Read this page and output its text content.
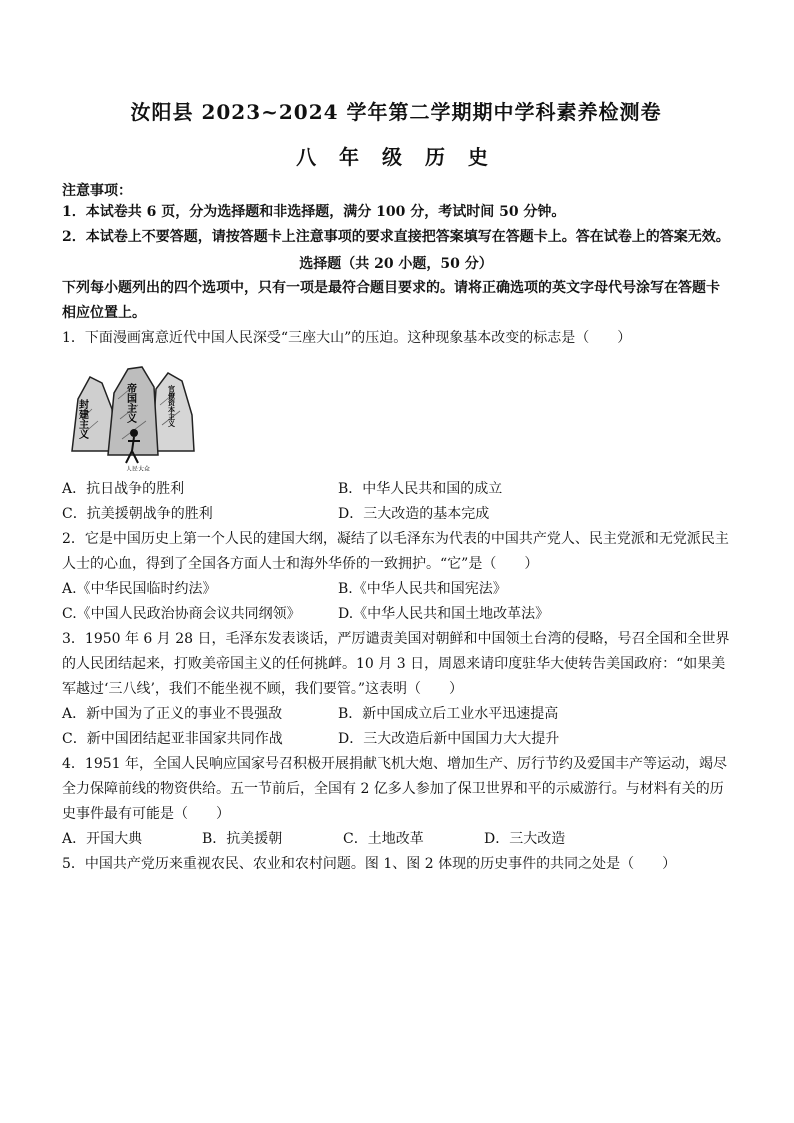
汝阳县 2023~2024 学年第二学期期中学科素养检测卷
八 年 级 历 史
注意事项：
1．本试卷共 6 页，分为选择题和非选择题，满分 100 分，考试时间 50 分钟。
2．本试卷上不要答题，请按答题卡上注意事项的要求直接把答案填写在答题卡上。答在试卷上的答案无效。
选择题（共 20 小题，50 分）
下列每小题列出的四个选项中，只有一项是最符合题目要求的。请将正确选项的英文字母代号涂写在答题卡相应位置上。
1．下面漫画寓意近代中国人民深受“三座大山”的压迫。这种现象基本改变的标志是（　　）
封建主义	帝国主义	官僚资本主义
人民大众
A．抗日战争的胜利	B．中华人民共和国的成立
C．抗美援朝战争的胜利	D．三大改造的基本完成
2．它是中国历史上第一个人民的建国大纲，凝结了以毛泽东为代表的中国共产党人、民主党派和无党派民主人士的心血，得到了全国各方面人士和海外华侨的一致拥护。“它”是（　　）
A.《中华民国临时约法》	B.《中华人民共和国宪法》
C.《中国人民政治协商会议共同纲领》	D.《中华人民共和国土地改革法》
3．1950 年 6 月 28 日，毛泽东发表谈话，严厉谴责美国对朝鲜和中国领土台湾的侵略，号召全国和全世界的人民团结起来，打败美帝国主义的任何挑衅。10 月 3 日，周恩来请印度驻华大使转告美国政府：“如果美军越过‘三八线’，我们不能坐视不顾，我们要管。”这表明（　　）
A．新中国为了正义的事业不畏强敌	B．新中国成立后工业水平迅速提高
C．新中国团结起亚非国家共同作战	D．三大改造后新中国国力大大提升
4．1951 年，全国人民响应国家号召积极开展捐献飞机大炮、增加生产、厉行节约及爱国丰产等运动，竭尽全力保障前线的物资供给。五一节前后，全国有 2 亿多人参加了保卫世界和平的示威游行。与材料有关的历史事件最有可能是（　　）
A．开国大典	B．抗美援朝	C．土地改革	D．三大改造
5．中国共产党历来重视农民、农业和农村问题。图 1、图 2 体现的历史事件的共同之处是（　　）
